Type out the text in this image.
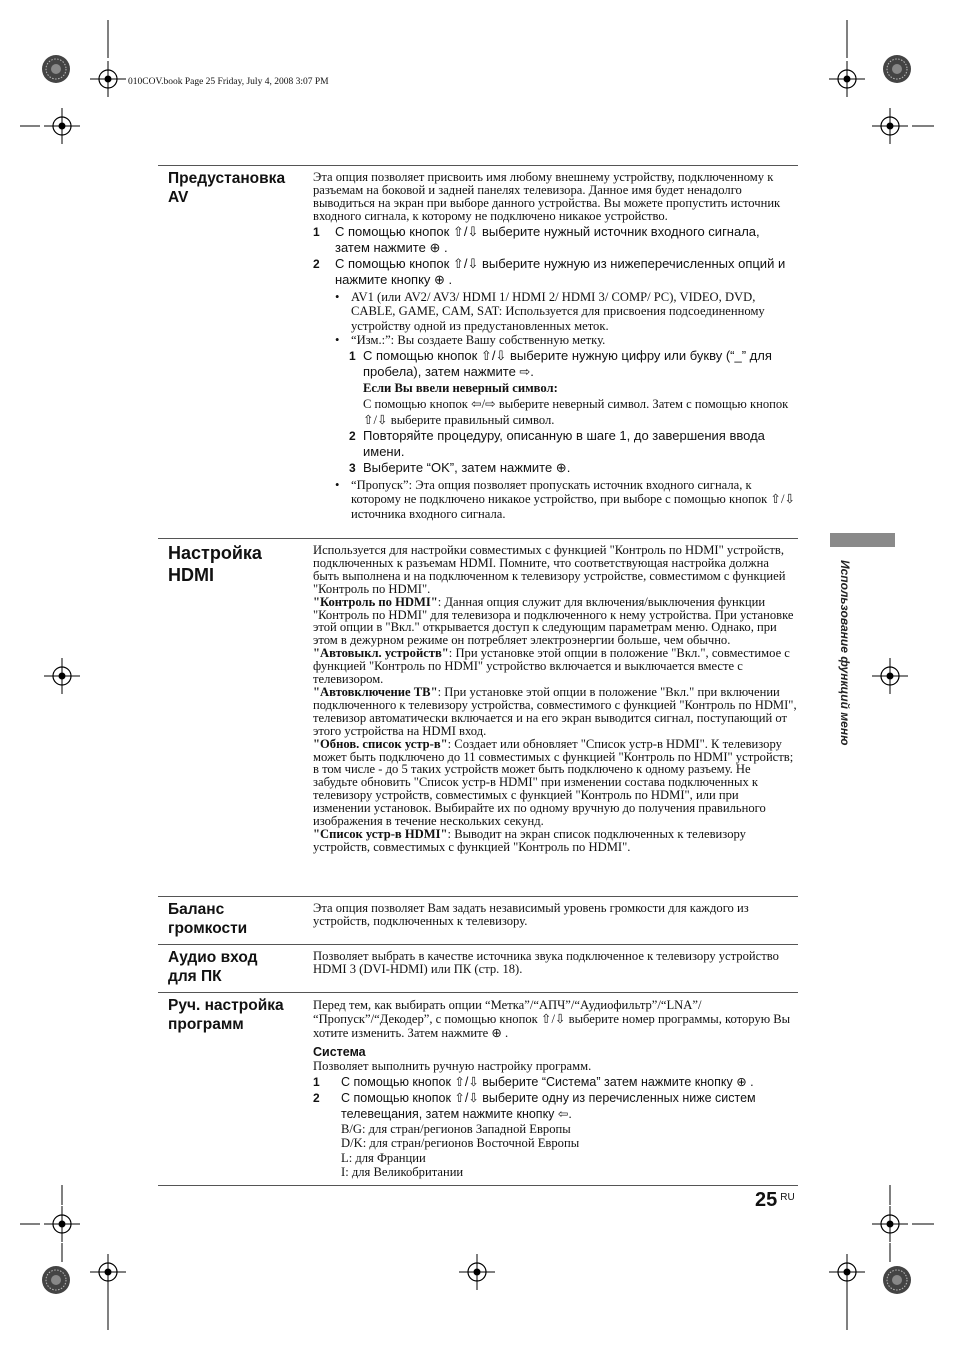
010COV.book Page 25 Friday, July 4, 2008 3:07 PM
Предустановка AV

Эта опция позволяет присвоить имя любому внешнему устройству, подключенному к разъемам на боковой и задней панелях телевизора. Данное имя будет ненадолго выводиться на экран при выборе данного устройства. Вы можете пропустить источник входного сигнала, к которому не подключено никакое устройство.

1 С помощью кнопок ⇧/⇩ выберите нужный источник входного сигнала, затем нажмите ⊕ .
2 С помощью кнопок ⇧/⇩ выберите нужную из нижеперечисленных опций и нажмите кнопку ⊕ .
• AV1 (или AV2/ AV3/ HDMI 1/ HDMI 2/ HDMI 3/ COMP/ PC), VIDEO, DVD, CABLE, GAME, CAM, SAT: Используется для присвоения подсоединенному устройству одной из предустановленных меток.
• “Изм.:”: Вы создаете Вашу собственную метку.
1 С помощью кнопок ⇧/⇩ выберите нужную цифру или букву (“_” для пробела), затем нажмите ⇨.
Если Вы ввели неверный символ:
С помощью кнопок ⇦/⇨ выберите неверный символ. Затем с помощью кнопок ⇧/⇩ выберите правильный символ.
2 Повторяйте процедуру, описанную в шаге 1, до завершения ввода имени.
3 Выберите “OK”, затем нажмите ⊕.
• “Пропуск”: Эта опция позволяет пропускать источник входного сигнала, к которому не подключено никакое устройство, при выборе с помощью кнопок ⇧/⇩ источника входного сигнала.
Настройка HDMI

Используется для настройки совместимых с функцией "Контроль по HDMI" устройств, подключенных к разъемам HDMI. Помните, что соответствующая настройка должна быть выполнена и на подключенном к телевизору устройстве, совместимом с функцией "Контроль по HDMI".

"Контроль по HDMI": Данная опция служит для включения/выключения функции "Контроль по HDMI" для телевизора и подключенного к нему устройства. При установке этой опции в "Вкл." открывается доступ к следующим параметрам меню. Однако, при этом в дежурном режиме он потребляет электроэнергии больше, чем обычно.

"Автовыкл. устройств": При установке этой опции в положение "Вкл.", совместимое с функцией "Контроль по HDMI" устройство включается и выключается вместе с телевизором.

"Автовключение ТВ": При установке этой опции в положение "Вкл." при включении подключенного к телевизору устройства, совместимого с функцией "Контроль по HDMI", телевизор автоматически включается и на его экран выводится сигнал, поступающий от этого устройства на HDMI вход.

"Обнов. список устр-в": Создает или обновляет "Список устр-в HDMI". К телевизору может быть подключено до 11 совместимых с функцией "Контроль по HDMI" устройств; в том числе - до 5 таких устройств может быть подключено к одному разъему. Не забудьте обновить "Список устр-в HDMI" при изменении состава подключенных к телевизору устройств, совместимых с функцией "Контроль по HDMI", или при изменении установок. Выбирайте их по одному вручную до получения правильного изображения в течение нескольких секунд.

"Список устр-в HDMI": Выводит на экран список подключенных к телевизору устройств, совместимых с функцией "Контроль по HDMI".

Баланс громкости
Эта опция позволяет Вам задать независимый уровень громкости для каждого из устройств, подключенных к телевизору.
Аудио вход для ПК
Позволяет выбрать в качестве источника звука подключенное к телевизору устройство HDMI 3 (DVI-HDMI) или ПК (стр. 18).
Руч. настройка программ

Перед тем, как выбирать опции “Метка”/“АПЧ”/“Аудиофильтр”/“LNA”/ “Пропуск”/“Декодер”, с помощью кнопок ⇧/⇩ выберите номер программы, которую Вы хотите изменить. Затем нажмите ⊕ .

Система

Позволяет выполнить ручную настройку программ.

1 С помощью кнопок ⇧/⇩ выберите “Система” затем нажмите кнопку ⊕ .
2	С помощью кнопок ⇧/⇩ выберите одну из перечисленных ниже систем телевещания, затем нажмите кнопку ⇦.
B/G: для стран/регионов Западной Европы
D/K: для стран/регионов Восточной Европы
L: для Франции
I: для Великобритании
Использование функций меню
25 $^{RU}$
